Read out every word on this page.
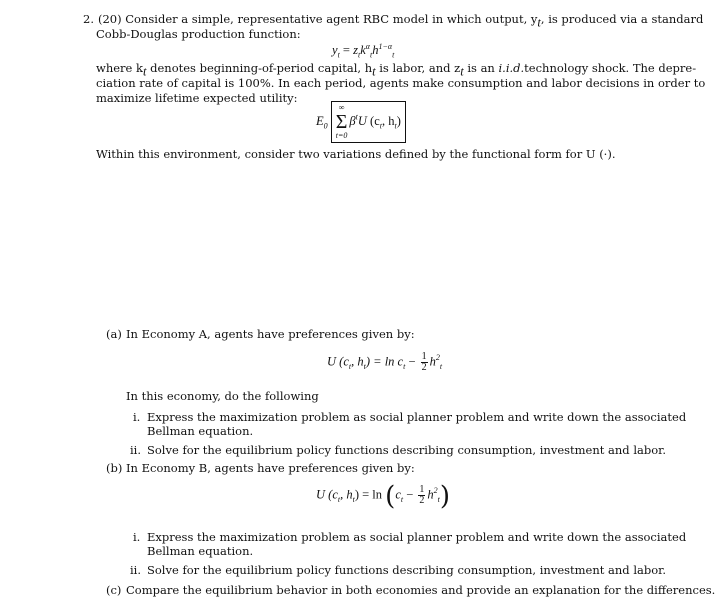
2. (20) Consider a simple, representative agent RBC model in which output, $y_t$, is produced via a standard
Cobb-Douglas production function:
$y_t = z_tk^\alpha_th^{1-\alpha}_t$
where $k_t$ denotes beginning-of-period capital, $h_t$ is labor, and $z_t$ is an i.i.d.technology shock. The depre-
ciation rate of capital is 100%. In each period, agents make consumption and labor decisions in order to
maximize lifetime expected utility:
$E_0$
∞
Σ
t=0
$\beta^tU$ ($c_t$, $h_t$)
Within this environment, consider two variations defined by the functional form for U (·).
(a) In Economy A, agents have preferences given by:
U ($c_t$, $h_t) = \ln c_t - \frac{1}{2} h^2_t$
In this economy, do the following
i. Express the maximization problem as social planner problem and write down the associated
Bellman equation.
ii. Solve for the equilibrium policy functions describing consumption, investment and labor.
(b) In Economy B, agents have preferences given by:
U ($c_t$, $h_t) = \ln (c_t - \frac{1}{2} h^2_t)$
i. Express the maximization problem as social planner problem and write down the associated
Bellman equation.
ii. Solve for the equilibrium policy functions describing consumption, investment and labor.
(c) Compare the equilibrium behavior in both economies and provide an explanation for the differences.
